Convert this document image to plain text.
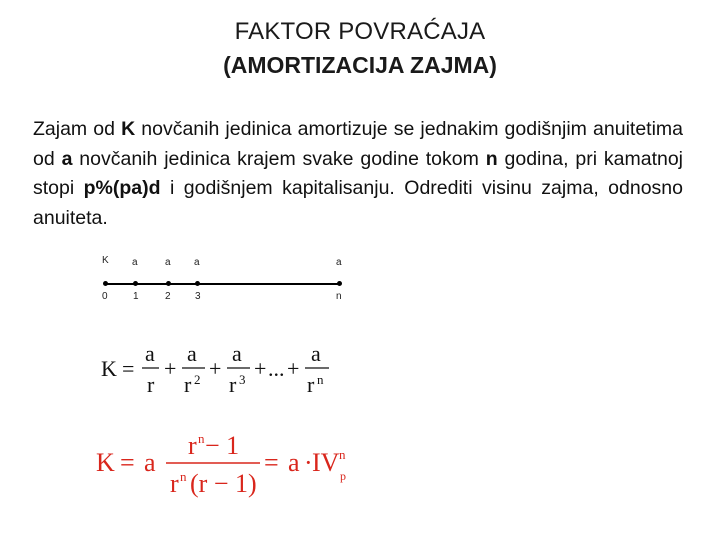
FAKTOR POVRAĆAJA
(AMORTIZACIJA ZAJMA)
Zajam od K novčanih jedinica amortizuje se jednakim godišnjim anuitetima od a novčanih jedinica krajem svake godine tokom n godina, pri kamatnoj stopi p%(pa)d i godišnjem kapitalisanju. Odrediti visinu zajma, odnosno anuiteta.
K a	a a	a
0	1	2 3	n
K =
a
r
+
a
r 2 +
a
r 3 + ... +
a
r n
K = a
r n − 1
r n (r − 1)
= a · IV n
p
